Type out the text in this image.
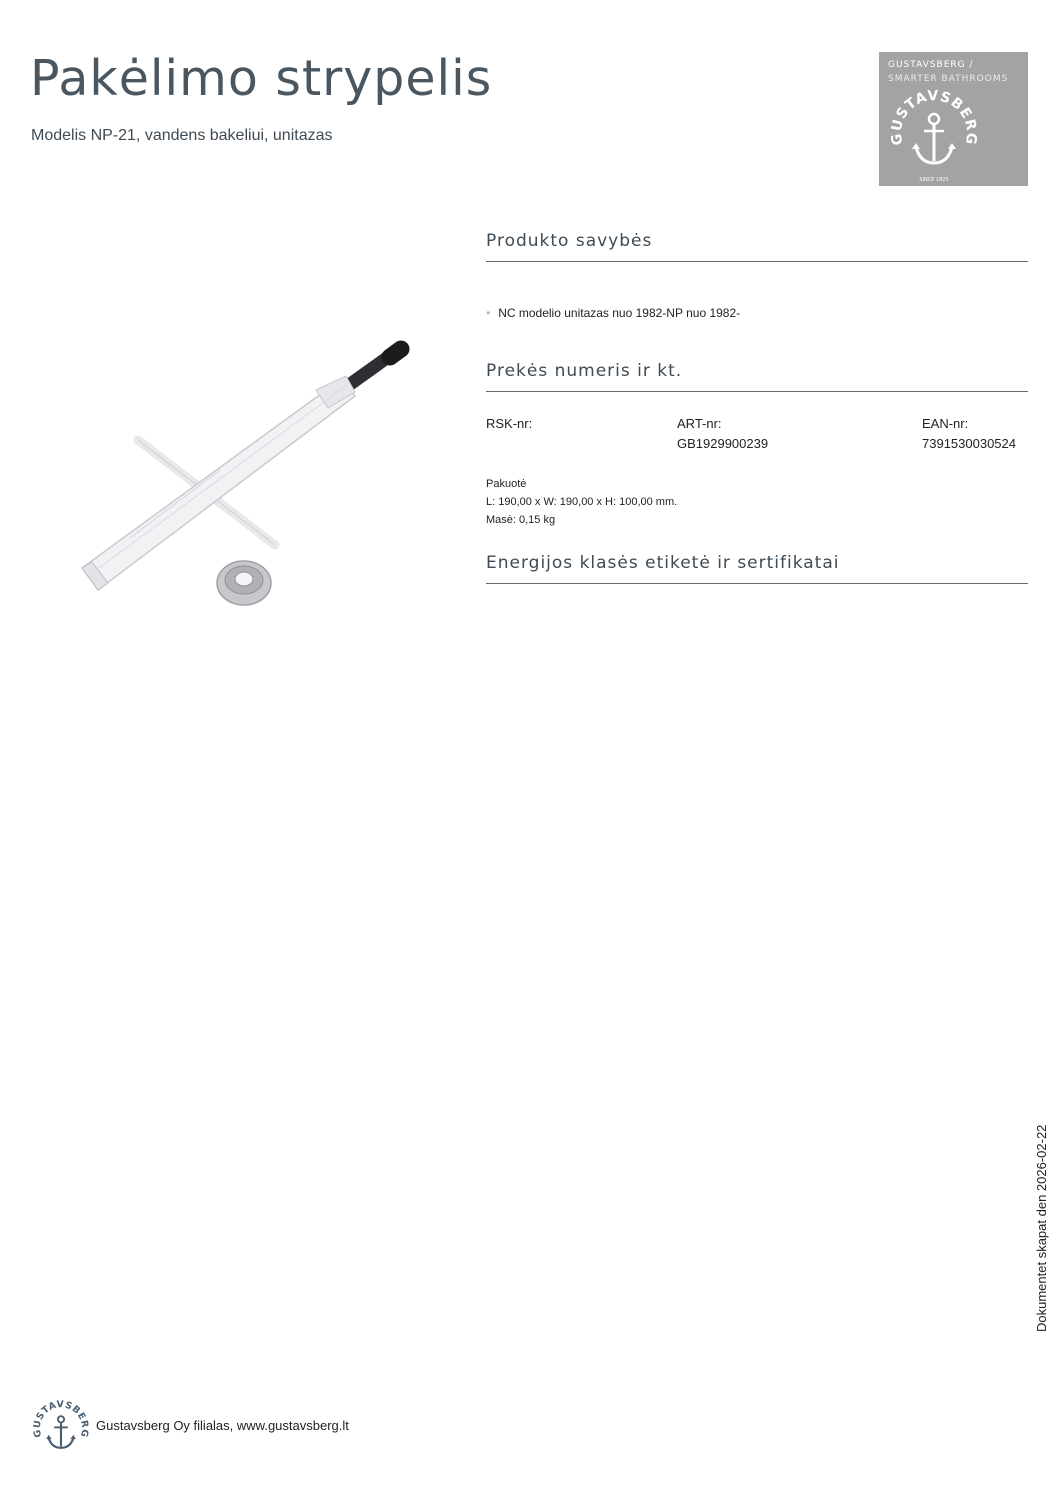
Pakėlimo strypelis
Modelis NP-21, vandens bakeliui, unitazas
GUSTAVSBERG /
SMARTER BATHROOMS
GUSTAVSBERG
SINCE 1825
Produkto savybės
• NC modelio unitazas nuo 1982-NP nuo 1982-
Prekės numeris ir kt.
RSK-nr:	ART-nr:
GB1929900239
EAN-nr:
7391530030524
Pakuotė
L: 190,00 x W: 190,00 x H: 100,00 mm.
Masė: 0,15 kg
Energijos klasės etiketė ir sertifikatai
Dokumentet skapat den 2026-02-22
GUSTAVSBERG
Gustavsberg Oy filialas, www.gustavsberg.lt
